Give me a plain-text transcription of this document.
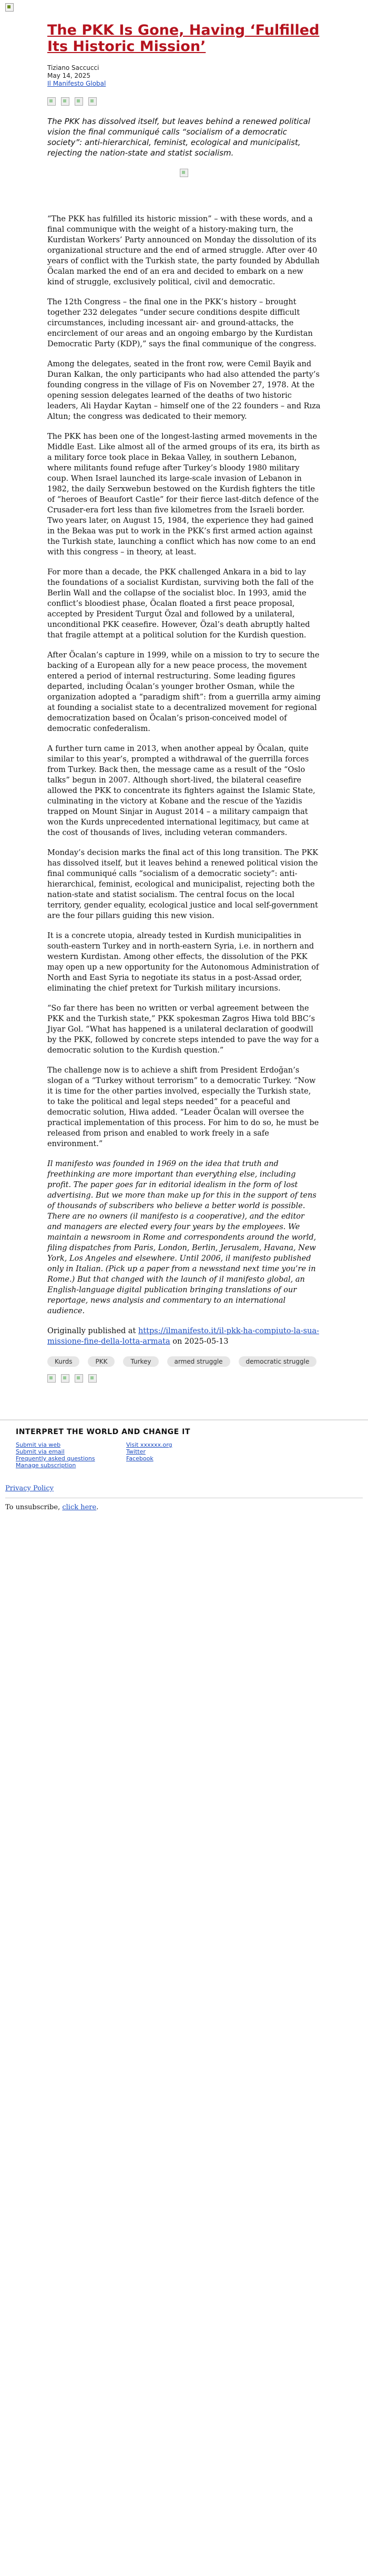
The PKK Is Gone, Having ‘Fulfilled Its Historic Mission’
Tiziano Saccucci
May 14, 2025
Il Manifesto Global

The PKK has dissolved itself, but leaves behind a renewed political vision the final communiqué calls “socialism of a democratic society”: anti-hierarchical, feminist, ecological and municipalist, rejecting the nation-state and statist socialism.

“The PKK has fulfilled its historic mission” – with these words, and a final communique with the weight of a history-making turn, the Kurdistan Workers’ Party announced on Monday the dissolution of its organizational structure and the end of armed struggle. After over 40 years of conflict with the Turkish state, the party founded by Abdullah Öcalan marked the end of an era and decided to embark on a new kind of struggle, exclusively political, civil and democratic.

The 12th Congress – the final one in the PKK’s history – brought together 232 delegates “under secure conditions despite difficult circumstances, including incessant air- and ground-attacks, the encirclement of our areas and an ongoing embargo by the Kurdistan Democratic Party (KDP),” says the final communique of the congress.

Among the delegates, seated in the front row, were Cemil Bayik and Duran Kalkan, the only participants who had also attended the party’s founding congress in the village of Fis on November 27, 1978. At the opening session delegates learned of the deaths of two historic leaders, Ali Haydar Kaytan – himself one of the 22 founders – and Rıza Altun; the congress was dedicated to their memory.

The PKK has been one of the longest-lasting armed movements in the Middle East. Like almost all of the armed groups of its era, its birth as a military force took place in Bekaa Valley, in southern Lebanon, where militants found refuge after Turkey’s bloody 1980 military coup. When Israel launched its large-scale invasion of Lebanon in 1982, the daily Serxwebun bestowed on the Kurdish fighters the title of “heroes of Beaufort Castle” for their fierce last-ditch defence of the Crusader-era fort less than five kilometres from the Israeli border. Two years later, on August 15, 1984, the experience they had gained in the Bekaa was put to work in the PKK’s first armed action against the Turkish state, launching a conflict which has now come to an end with this congress – in theory, at least.

For more than a decade, the PKK challenged Ankara in a bid to lay the foundations of a socialist Kurdistan, surviving both the fall of the Berlin Wall and the collapse of the socialist bloc. In 1993, amid the conflict’s bloodiest phase, Öcalan floated a first peace proposal, accepted by President Turgut Özal and followed by a unilateral, unconditional PKK ceasefire. However, Özal’s death abruptly halted that fragile attempt at a political solution for the Kurdish question.

After Öcalan’s capture in 1999, while on a mission to try to secure the backing of a European ally for a new peace process, the movement entered a period of internal restructuring. Some leading figures departed, including Öcalan’s younger brother Osman, while the organization adopted a “paradigm shift”: from a guerrilla army aiming at founding a socialist state to a decentralized movement for regional democratization based on Öcalan’s prison-conceived model of democratic confederalism.

A further turn came in 2013, when another appeal by Öcalan, quite similar to this year’s, prompted a withdrawal of the guerrilla forces from Turkey. Back then, the message came as a result of the “Oslo talks” begun in 2007. Although short-lived, the bilateral ceasefire allowed the PKK to concentrate its fighters against the Islamic State, culminating in the victory at Kobane and the rescue of the Yazidis trapped on Mount Sinjar in August 2014 – a military campaign that won the Kurds unprecedented international legitimacy, but came at the cost of thousands of lives, including veteran commanders.

Monday’s decision marks the final act of this long transition. The PKK has dissolved itself, but it leaves behind a renewed political vision the final communiqué calls “socialism of a democratic society”: anti-hierarchical, feminist, ecological and municipalist, rejecting both the nation-state and statist socialism. The central focus on the local territory, gender equality, ecological justice and local self-government are the four pillars guiding this new vision.

It is a concrete utopia, already tested in Kurdish municipalities in south-eastern Turkey and in north-eastern Syria, i.e. in northern and western Kurdistan. Among other effects, the dissolution of the PKK may open up a new opportunity for the Autonomous Administration of North and East Syria to negotiate its status in a post-Assad order, eliminating the chief pretext for Turkish military incursions.

“So far there has been no written or verbal agreement between the PKK and the Turkish state,” PKK spokesman Zagros Hiwa told BBC’s Jiyar Gol. “What has happened is a unilateral declaration of goodwill by the PKK, followed by concrete steps intended to pave the way for a democratic solution to the Kurdish question.”

The challenge now is to achieve a shift from President Erdoğan’s slogan of a “Turkey without terrorism” to a democratic Turkey. “Now it is time for the other parties involved, especially the Turkish state, to take the political and legal steps needed” for a peaceful and democratic solution, Hiwa added. “Leader Öcalan will oversee the practical implementation of this process. For him to do so, he must be released from prison and enabled to work freely in a safe environment.”

Il manifesto was founded in 1969 on the idea that truth and freethinking are more important than everything else, including profit. The paper goes far in editorial idealism in the form of lost advertising. But we more than make up for this in the support of tens of thousands of subscribers who believe a better world is possible. There are no owners (il manifesto is a cooperative), and the editor and managers are elected every four years by the employees. We maintain a newsroom in Rome and correspondents around the world, filing dispatches from Paris, London, Berlin, Jerusalem, Havana, New York, Los Angeles and elsewhere. Until 2006, il manifesto published only in Italian. (Pick up a paper from a newsstand next time you’re in Rome.) But that changed with the launch of il manifesto global, an English-language digital publication bringing translations of our reportage, news analysis and commentary to an international audience.

Originally published at https://ilmanifesto.it/il-pkk-ha-compiuto-la-sua-missione-fine-della-lotta-armata on 2025-05-13
Kurds	PKK	Turkey	armed struggle	democratic struggle
INTERPRET THE WORLD AND CHANGE IT
Submit via web
Submit via email
Frequently asked questions
Manage subscription
Visit xxxxxx.org
Twitter
Facebook
Privacy Policy
To unsubscribe, click here.
